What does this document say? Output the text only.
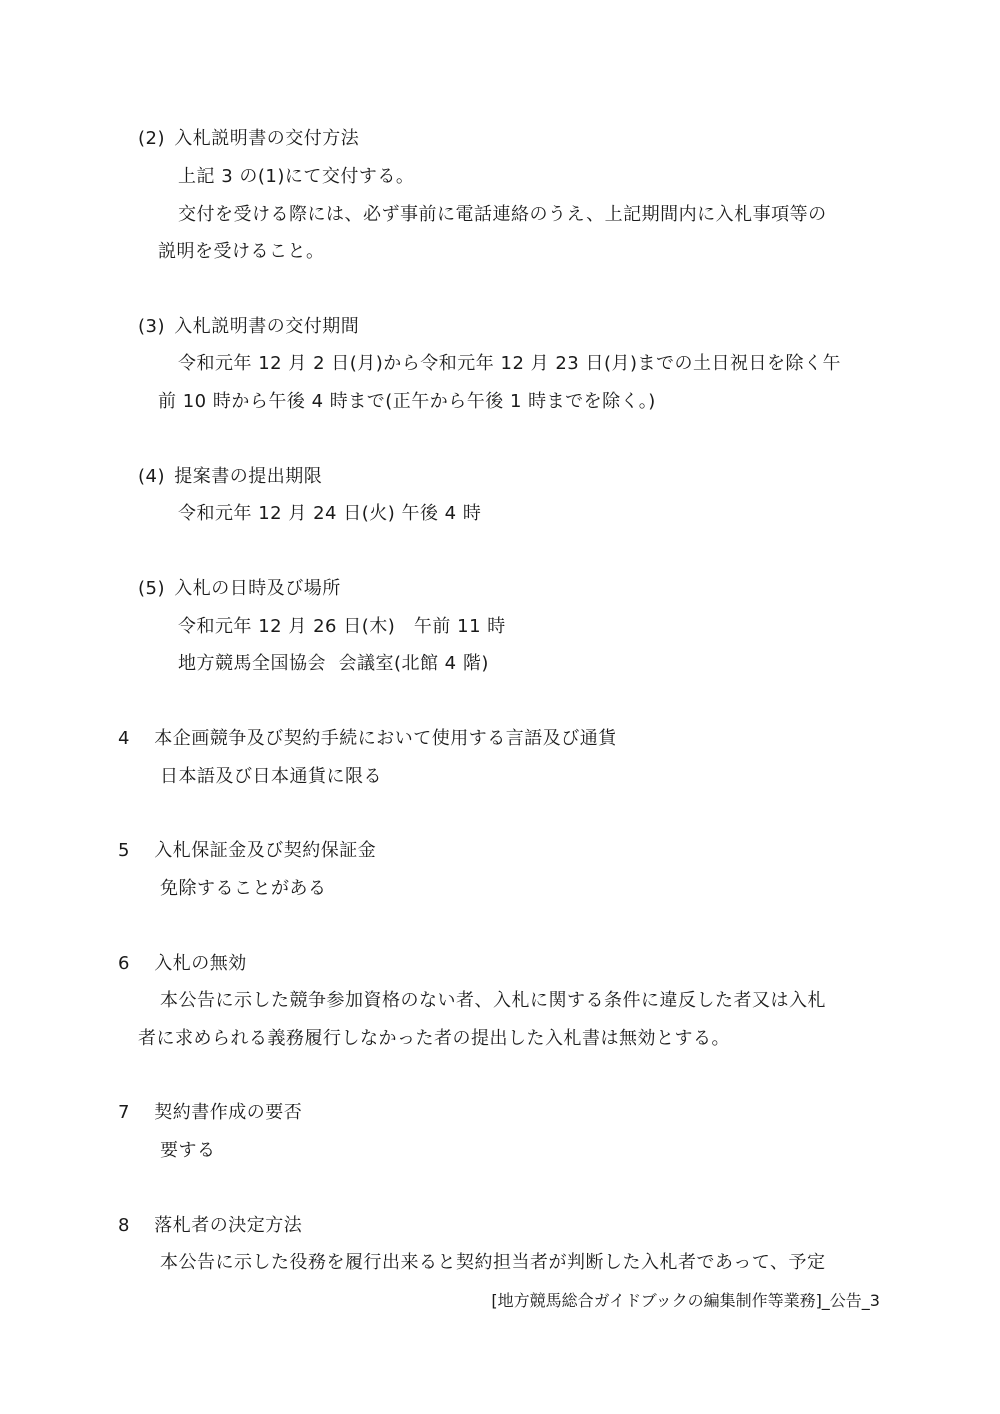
(2) 入札説明書の交付方法
上記 3 の(1)にて交付する。
交付を受ける際には、必ず事前に電話連絡のうえ、上記期間内に入札事項等の
説明を受けること。
(3) 入札説明書の交付期間
令和元年 12 月 2 日(月)から令和元年 12 月 23 日(月)までの土日祝日を除く午
前 10 時から午後 4 時まで(正午から午後 1 時までを除く。)
(4) 提案書の提出期限
令和元年 12 月 24 日(火) 午後 4 時
(5) 入札の日時及び場所
令和元年 12 月 26 日(木)   午前 11 時
地方競馬全国協会  会議室(北館 4 階)
4 本企画競争及び契約手続において使用する言語及び通貨
日本語及び日本通貨に限る
5 入札保証金及び契約保証金
免除することがある
6 入札の無効
本公告に示した競争参加資格のない者、入札に関する条件に違反した者又は入札
者に求められる義務履行しなかった者の提出した入札書は無効とする。
7 契約書作成の要否
要する
8 落札者の決定方法
本公告に示した役務を履行出来ると契約担当者が判断した入札者であって、予定
[地方競馬総合ガイドブックの編集制作等業務]_公告_3
